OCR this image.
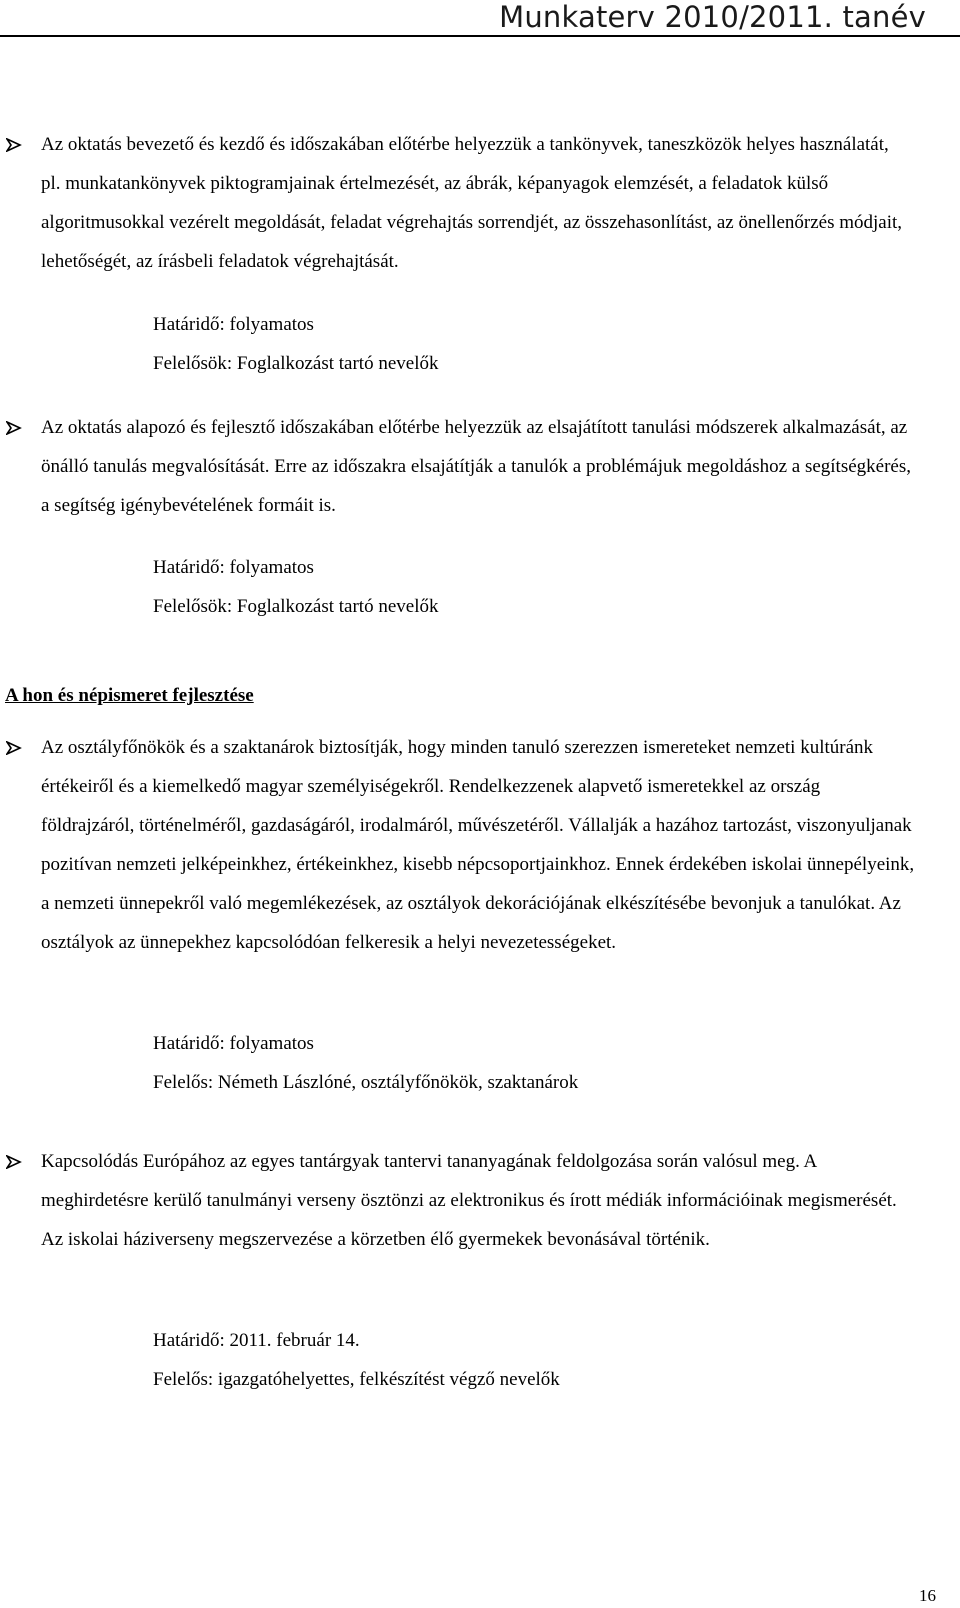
Munkaterv 2010/2011. tanév
Az oktatás bevezető és kezdő és időszakában előtérbe helyezzük a tankönyvek, taneszközök helyes használatát, pl. munkatankönyvek piktogramjainak értelmezését, az ábrák, képanyagok elemzését, a feladatok külső algoritmusokkal vezérelt megoldását, feladat végrehajtás sorrendjét, az összehasonlítást, az önellenőrzés módjait, lehetőségét, az írásbeli feladatok végrehajtását.
Határidő: folyamatos
Felelősök: Foglalkozást tartó nevelők
Az oktatás alapozó és fejlesztő időszakában előtérbe helyezzük az elsajátított tanulási módszerek alkalmazását, az önálló tanulás megvalósítását. Erre az időszakra elsajátítják a tanulók a problémájuk megoldáshoz a segítségkérés, a segítség igénybevételének formáit is.
Határidő: folyamatos
Felelősök: Foglalkozást tartó nevelők
A hon és népismeret fejlesztése
Az osztályfőnökök és a szaktanárok biztosítják, hogy minden tanuló szerezzen ismereteket nemzeti kultúránk értékeiről és a kiemelkedő magyar személyiségekről. Rendelkezzenek alapvető ismeretekkel az ország földrajzáról, történelméről, gazdaságáról, irodalmáról, művészetéről. Vállalják a hazához tartozást, viszonyuljanak pozitívan nemzeti jelképeinkhez, értékeinkhez, kisebb népcsoportjainkhoz. Ennek érdekében iskolai ünnepélyeink, a nemzeti ünnepekről való megemlékezések, az osztályok dekorációjának elkészítésébe bevonjuk a tanulókat. Az osztályok az ünnepekhez kapcsolódóan felkeresik a helyi nevezetességeket.
Határidő: folyamatos
Felelős: Németh Lászlóné, osztályfőnökök, szaktanárok
Kapcsolódás Európához az egyes tantárgyak tantervi tananyagának feldolgozása során valósul meg. A meghirdetésre kerülő tanulmányi verseny ösztönzi az elektronikus és írott médiák információinak megismerését. Az iskolai háziverseny megszervezése a körzetben élő gyermekek bevonásával történik.
Határidő: 2011. február 14.
Felelős: igazgatóhelyettes, felkészítést végző nevelők
16
